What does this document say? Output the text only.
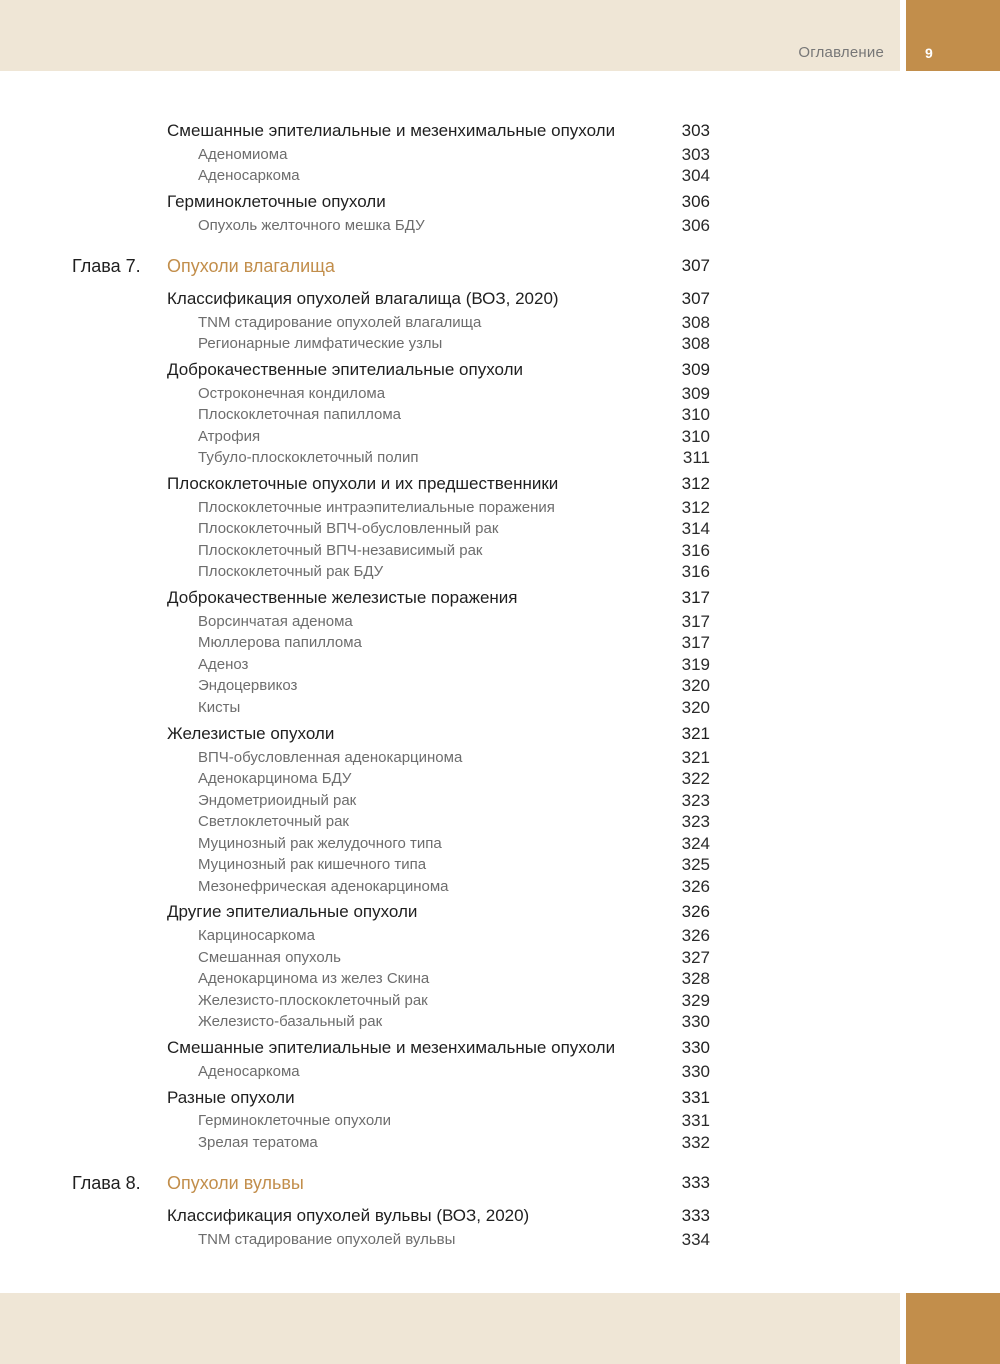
Оглавление	9
Смешанные эпителиальные и мезенхимальные опухоли	303
Аденомиома	303
Аденосаркома	304
Герминоклеточные опухоли	306
Опухоль желточного мешка БДУ	306
Глава 7. Опухоли влагалища	307
Классификация опухолей влагалища (ВОЗ, 2020)	307
TNM стадирование опухолей влагалища	308
Регионарные лимфатические узлы	308
Доброкачественные эпителиальные опухоли	309
Остроконечная кондилома	309
Плоскоклеточная папиллома	310
Атрофия	310
Тубуло-плоскоклеточный полип	311
Плоскоклеточные опухоли и их предшественники	312
Плоскоклеточные интраэпителиальные поражения	312
Плоскоклеточный ВПЧ-обусловленный рак	314
Плоскоклеточный ВПЧ-независимый рак	316
Плоскоклеточный рак БДУ	316
Доброкачественные железистые поражения	317
Ворсинчатая аденома	317
Мюллерова папиллома	317
Аденоз	319
Эндоцервикоз	320
Кисты	320
Железистые опухоли	321
ВПЧ-обусловленная аденокарцинома	321
Аденокарцинома БДУ	322
Эндометриоидный рак	323
Светлоклеточный рак	323
Муцинозный рак желудочного типа	324
Муцинозный рак кишечного типа	325
Мезонефрическая аденокарцинома	326
Другие эпителиальные опухоли	326
Карциносаркома	326
Смешанная опухоль	327
Аденокарцинома из желез Скина	328
Железисто-плоскоклеточный рак	329
Железисто-базальный рак	330
Смешанные эпителиальные и мезенхимальные опухоли	330
Аденосаркома	330
Разные опухоли	331
Герминоклеточные опухоли	331
Зрелая тератома	332
Глава 8. Опухоли вульвы	333
Классификация опухолей вульвы (ВОЗ, 2020)	333
TNM стадирование опухолей вульвы	334
